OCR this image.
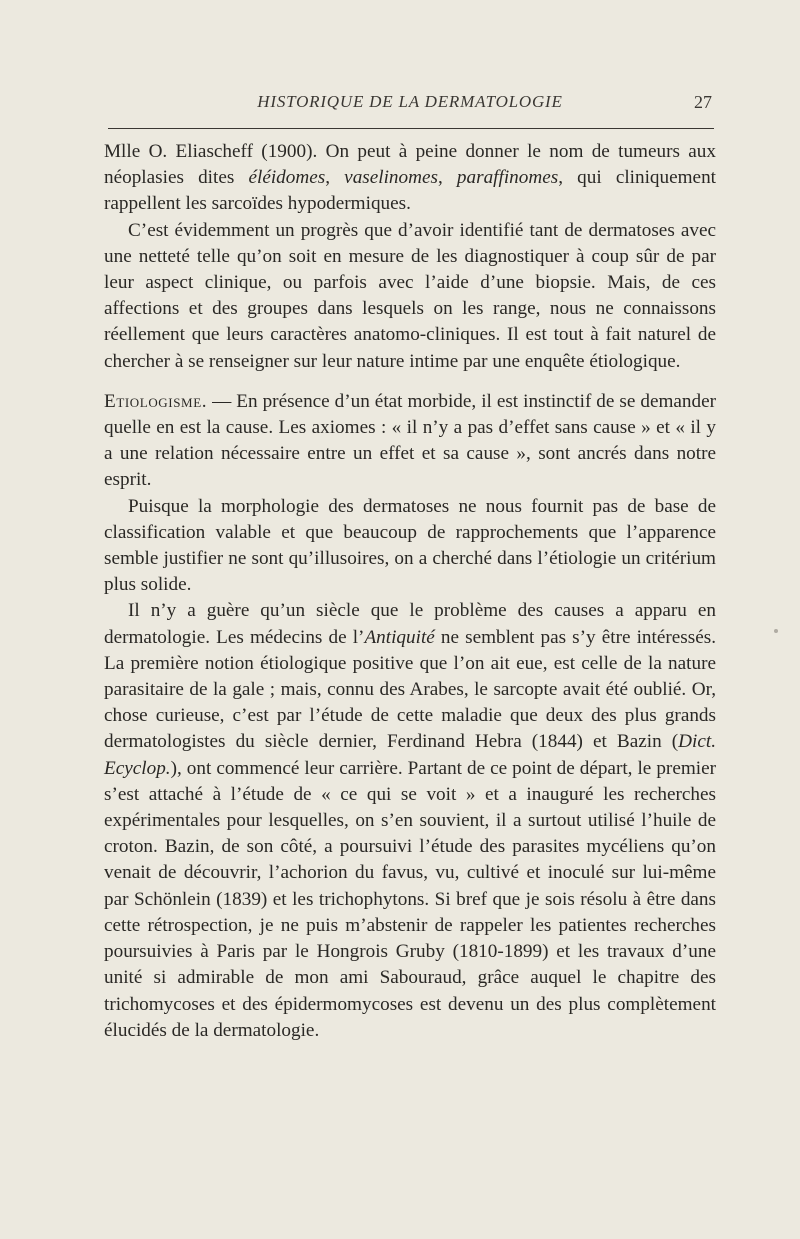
HISTORIQUE DE LA DERMATOLOGIE	27

Mlle O. Eliascheff (1900). On peut à peine donner le nom de tumeurs aux néoplasies dites éléidomes, vaselinomes, paraffinomes, qui cliniquement rappellent les sarcoïdes hypodermiques.

C’est évidemment un progrès que d’avoir identifié tant de dermatoses avec une netteté telle qu’on soit en mesure de les diagnostiquer à coup sûr de par leur aspect clinique, ou parfois avec l’aide d’une biopsie. Mais, de ces affections et des groupes dans lesquels on les range, nous ne connaissons réellement que leurs caractères anatomo-cliniques. Il est tout à fait naturel de chercher à se renseigner sur leur nature intime par une enquête étiologique.

Etiologisme. — En présence d’un état morbide, il est instinctif de se demander quelle en est la cause. Les axiomes : « il n’y a pas d’effet sans cause » et « il y a une relation nécessaire entre un effet et sa cause », sont ancrés dans notre esprit.

Puisque la morphologie des dermatoses ne nous fournit pas de base de classification valable et que beaucoup de rapprochements que l’apparence semble justifier ne sont qu’illusoires, on a cherché dans l’étiologie un critérium plus solide.

Il n’y a guère qu’un siècle que le problème des causes a apparu en dermatologie. Les médecins de l’Antiquité ne semblent pas s’y être intéressés. La première notion étiologique positive que l’on ait eue, est celle de la nature parasitaire de la gale ; mais, connu des Arabes, le sarcopte avait été oublié. Or, chose curieuse, c’est par l’étude de cette maladie que deux des plus grands dermatologistes du siècle dernier, Ferdinand Hebra (1844) et Bazin (Dict. Ecyclop.), ont commencé leur carrière. Partant de ce point de départ, le premier s’est attaché à l’étude de « ce qui se voit » et a inauguré les recherches expérimentales pour lesquelles, on s’en souvient, il a surtout utilisé l’huile de croton. Bazin, de son côté, a poursuivi l’étude des parasites mycéliens qu’on venait de découvrir, l’achorion du favus, vu, cultivé et inoculé sur lui-même par Schönlein (1839) et les trichophytons. Si bref que je sois résolu à être dans cette rétrospection, je ne puis m’abstenir de rappeler les patientes recherches poursuivies à Paris par le Hongrois Gruby (1810-1899) et les travaux d’une unité si admirable de mon ami Sabouraud, grâce auquel le chapitre des trichomycoses et des épidermomycoses est devenu un des plus complètement élucidés de la dermatologie.
